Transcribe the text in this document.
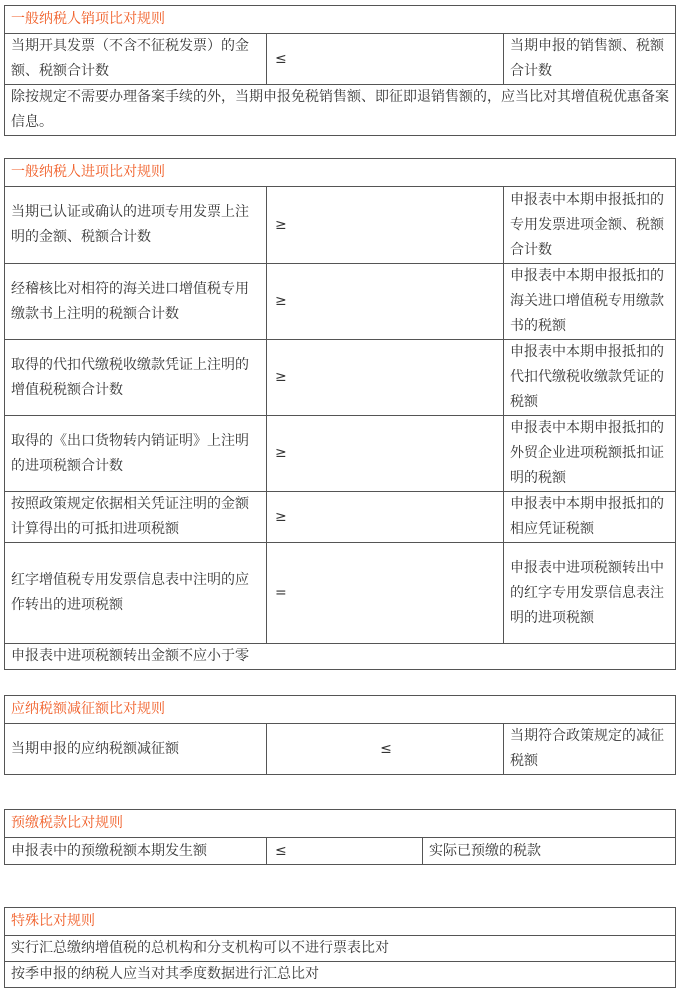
一般纳税人销项比对规则
当期开具发票（不含不征税发票）的金额、税额合计数	≤	当期申报的销售额、税额合计数
除按规定不需要办理备案手续的外，当期申报免税销售额、即征即退销售额的，应当比对其增值税优惠备案信息。
一般纳税人进项比对规则		
当期已认证或确认的进项专用发票上注明的金额、税额合计数	≥	申报表中本期申报抵扣的专用发票进项金额、税额合计数
经稽核比对相符的海关进口增值税专用缴款书上注明的税额合计数	≥	申报表中本期申报抵扣的海关进口增值税专用缴款书的税额
取得的代扣代缴税收缴款凭证上注明的增值税税额合计数	≥	申报表中本期申报抵扣的代扣代缴税收缴款凭证的税额
取得的《出口货物转内销证明》上注明的进项税额合计数	≥	申报表中本期申报抵扣的外贸企业进项税额抵扣证明的税额
按照政策规定依据相关凭证注明的金额计算得出的可抵扣进项税额	≥	申报表中本期申报抵扣的相应凭证税额
红字增值税专用发票信息表中注明的应作转出的进项税额	=	申报表中进项税额转出中的红字专用发票信息表注明的进项税额
申报表中进项税额转出金额不应小于零		
应纳税额减征额比对规则
当期申报的应纳税额减征额	≤	当期符合政策规定的减征税额
预缴税款比对规则
申报表中的预缴税额本期发生额	≤	实际已预缴的税款
特殊比对规则
实行汇总缴纳增值税的总机构和分支机构可以不进行票表比对
按季申报的纳税人应当对其季度数据进行汇总比对
